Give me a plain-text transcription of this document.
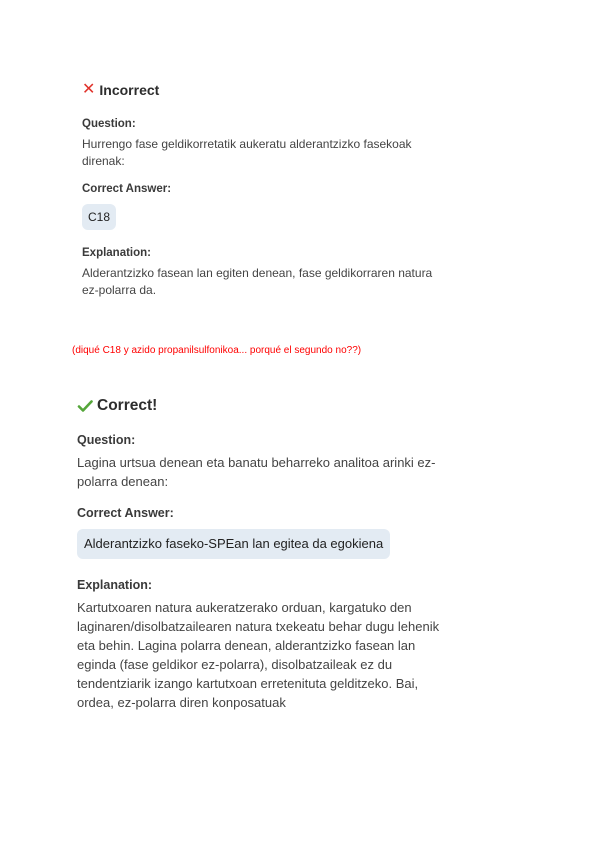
✕ Incorrect
Question:
Hurrengo fase geldikorretatik aukeratu alderantzizko fasekoak direnak:
Correct Answer:
C18
Explanation:
Alderantzizko fasean lan egiten denean, fase geldikorraren natura ez-polarra da.
(diqué C18 y azido propanilsulfonikoa... porqué el segundo no??)
Correct!
Question:
Lagina urtsua denean eta banatu beharreko analitoa arinki ez-polarra denean:
Correct Answer:
Alderantzizko faseko-SPEan lan egitea da egokiena
Explanation:
Kartutxoaren natura aukeratzerako orduan, kargatuko den laginaren/disolbatzailearen natura txekeatu behar dugu lehenik eta behin. Lagina polarra denean, alderantzizko fasean lan eginda (fase geldikor ez-polarra), disolbatzaileak ez du tendentziarik izango kartutxoan erretenituta gelditzeko. Bai, ordea, ez-polarra diren konposatuak
